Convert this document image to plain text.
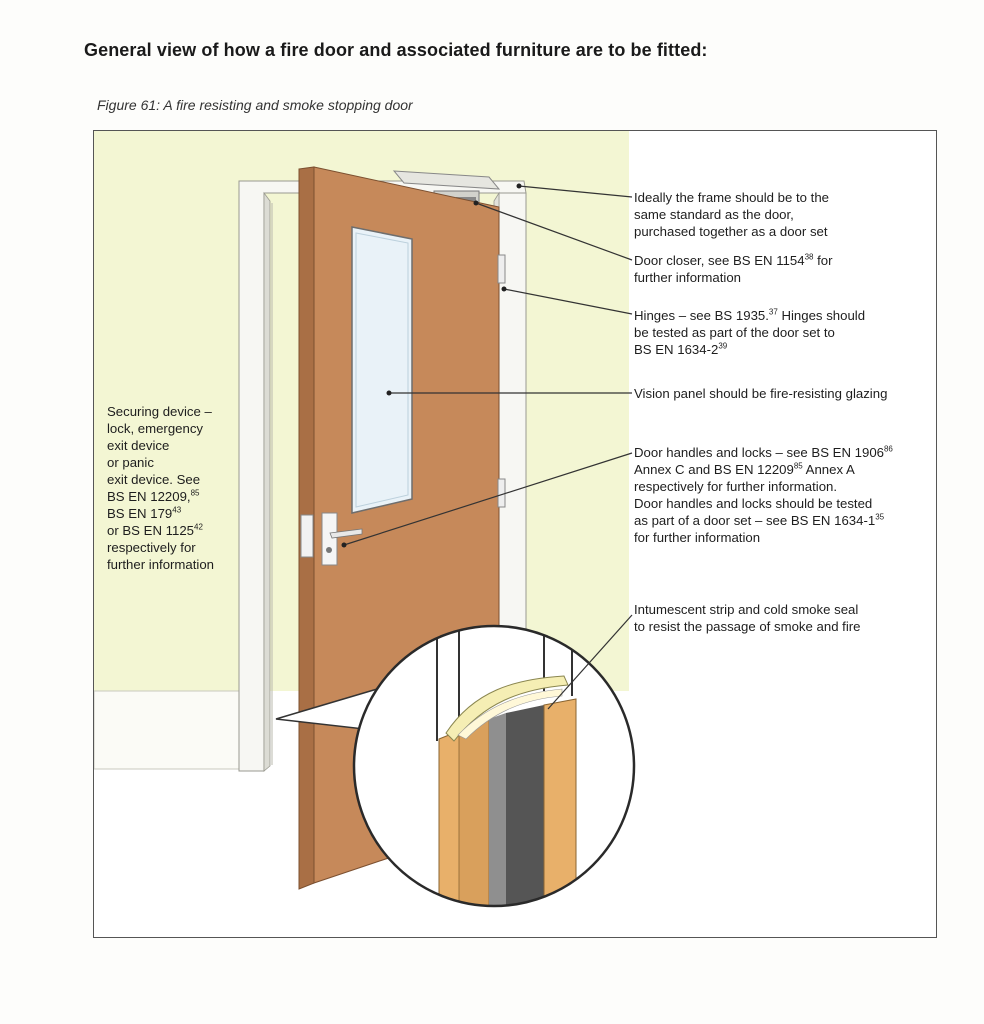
General view of how a fire door and associated furniture are to be fitted:
Figure 61: A fire resisting and smoke stopping door
Ideally the frame should be to the
same standard as the door,
purchased together as a door set
Door closer, see BS EN 1154$^{38}$ for
further information
Hinges – see BS 1935.37 Hinges should
be tested as part of the door set to
BS EN $1634-2^{39}$
Vision panel should be fire-resisting glazing
Door handles and locks – see BS EN 1906$^{86}$
Annex C and BS EN 12209$^{85}$ Annex A
respectively for further information.
Door handles and locks should be tested
as part of a door set – see BS EN $1634-1^{35}$
for further information
Intumescent strip and cold smoke seal
to resist the passage of smoke and fire
Securing device –
lock, emergency
exit device
or panic
exit device. See
BS EN 12209,85
BS EN $179^{43}$
or BS EN 1125$^{42}$
respectively for
further information
